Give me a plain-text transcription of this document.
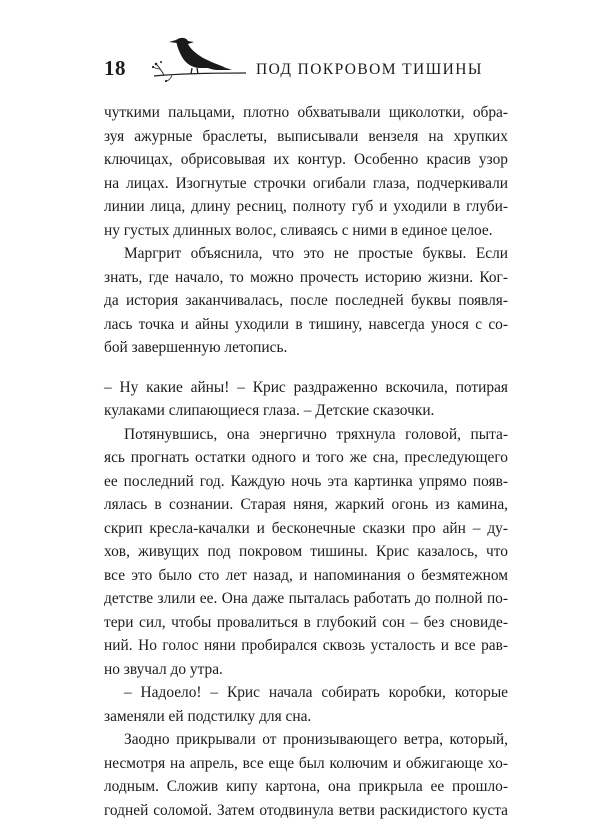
18	ПОД ПОКРОВОМ ТИШИНЫ
чуткими пальцами, плотно обхватывали щиколотки, обра-
зуя ажурные браслеты, выписывали вензеля на хрупких
ключицах, обрисовывая их контур. Особенно красив узор
на лицах. Изогнутые строчки огибали глаза, подчеркивали
линии лица, длину ресниц, полноту губ и уходили в глуби-
ну густых длинных волос, сливаясь с ними в единое целое.
Маргрит объяснила, что это не простые буквы. Если
знать, где начало, то можно прочесть историю жизни. Ког-
да история заканчивалась, после последней буквы появля-
лась точка и айны уходили в тишину, навсегда унося с со-
бой завершенную летопись.
– Ну какие айны! – Крис раздраженно вскочила, потирая
кулаками слипающиеся глаза. – Детские сказочки.
Потянувшись, она энергично тряхнула головой, пыта-
ясь прогнать остатки одного и того же сна, преследующего
ее последний год. Каждую ночь эта картинка упрямо появ-
лялась в сознании. Старая няня, жаркий огонь из камина,
скрип кресла-качалки и бесконечные сказки про айн – ду-
хов, живущих под покровом тишины. Крис казалось, что
все это было сто лет назад, и напоминания о безмятежном
детстве злили ее. Она даже пыталась работать до полной по-
тери сил, чтобы провалиться в глубокий сон – без сновиде-
ний. Но голос няни пробирался сквозь усталость и все рав-
но звучал до утра.
– Надоело! – Крис начала собирать коробки, которые
заменяли ей подстилку для сна.
Заодно прикрывали от пронизывающего ветра, который,
несмотря на апрель, все еще был колючим и обжигающе хо-
лодным. Сложив кипу картона, она прикрыла ее прошло-
годней соломой. Затем отодвинула ветви раскидистого куста
